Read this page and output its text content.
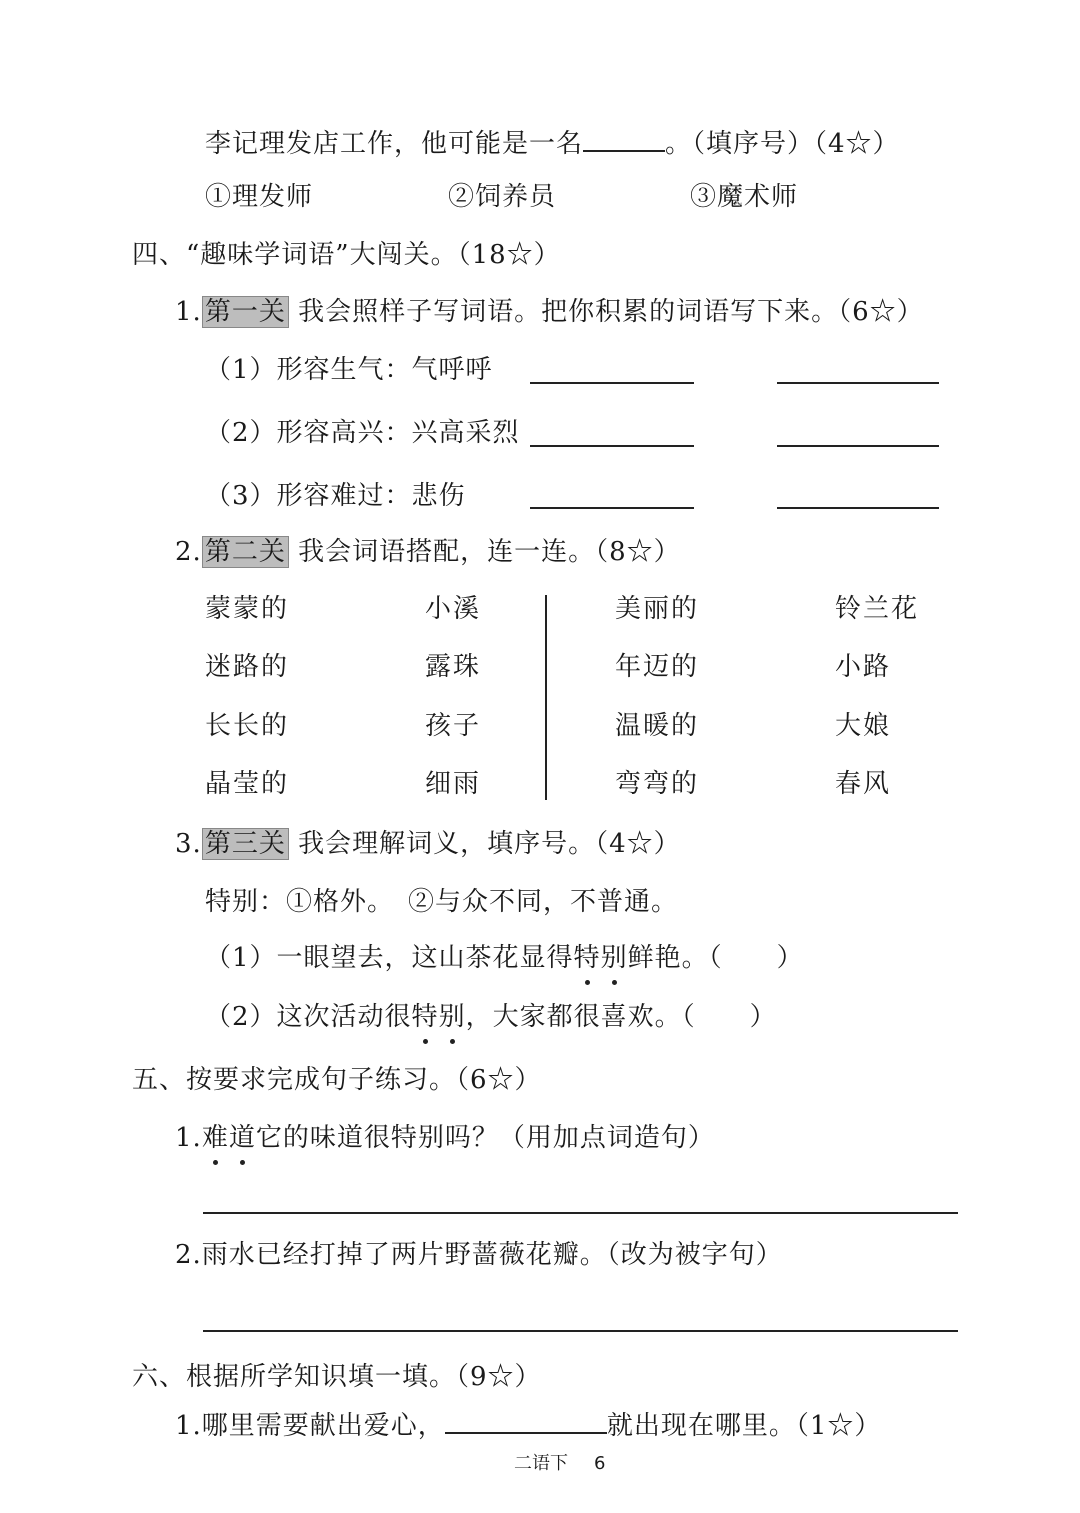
李记理发店工作，他可能是一名	。（填序号）（4☆）
①理发师	②饲养员	③魔术师
四、“趣味学词语”大闯关。（18☆）
1. 第一关 我会照样子写词语。把你积累的词语写下来。（6☆）
（1）形容生气：气呼呼
（2）形容高兴：兴高采烈
（3）形容难过：悲伤
2. 第二关 我会词语搭配，连一连。（8☆）
蒙蒙的	小溪	美丽的	铃兰花
迷路的	露珠	年迈的	小路
长长的	孩子	温暖的	大娘
晶莹的	细雨	弯弯的	春风
3. 第三关 我会理解词义，填序号。（4☆）
特别：①格外。　②与众不同，不普通。
（1）一眼望去，这山茶花显得特别鲜艳。（　　）
（2）这次活动很特别，大家都很喜欢。（　　）
五、按要求完成句子练习。（6☆）
1.难道它的味道很特别吗？（用加点词造句）
2.雨水已经打掉了两片野蔷薇花瓣。（改为被字句）
六、根据所学知识填一填。（9☆）
1.哪里需要献出爱心，	就出现在哪里。（1☆）
二语下 6
